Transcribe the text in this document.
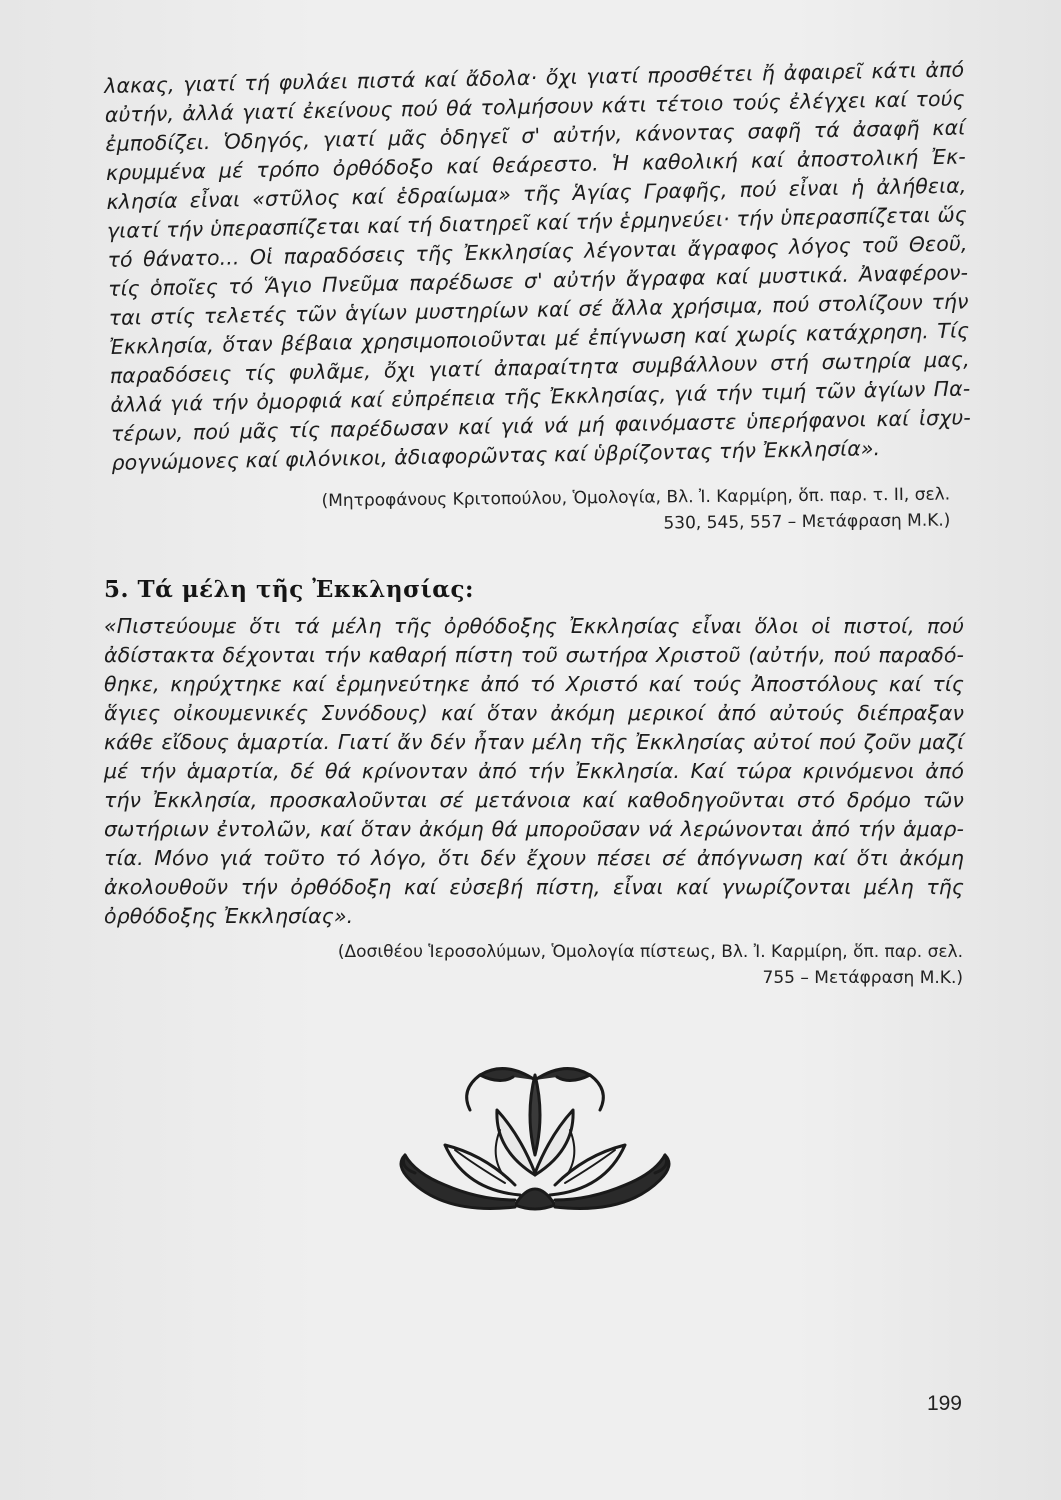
λακας, γιατί τή φυλάει πιστά καί ἄδολα· ὄχι γιατί προσθέτει ἤ ἀφαιρεῖ κάτι ἀπό
αὐτήν, ἀλλά γιατί ἐκείνους πού θά τολμήσουν κάτι τέτοιο τούς ἐλέγχει καί τούς
ἐμποδίζει. Ὁδηγός, γιατί μᾶς ὁδηγεῖ σ' αὐτήν, κάνοντας σαφῆ τά ἀσαφῆ καί
κρυμμένα μέ τρόπο ὀρθόδοξο καί θεάρεστο. Ἡ καθολική καί ἀποστολική Ἐκ-
κλησία εἶναι «στῦλος καί ἑδραίωμα» τῆς Ἁγίας Γραφῆς, πού εἶναι ἡ ἀλήθεια,
γιατί τήν ὑπερασπίζεται καί τή διατηρεῖ καί τήν ἑρμηνεύει· τήν ὑπερασπίζεται ὥς
τό θάνατο... Οἱ παραδόσεις τῆς Ἐκκλησίας λέγονται ἄγραφος λόγος τοῦ Θεοῦ,
τίς ὁποῖες τό Ἅγιο Πνεῦμα παρέδωσε σ' αὐτήν ἄγραφα καί μυστικά. Ἀναφέρον-
ται στίς τελετές τῶν ἁγίων μυστηρίων καί σέ ἄλλα χρήσιμα, πού στολίζουν τήν
Ἐκκλησία, ὅταν βέβαια χρησιμοποιοῦνται μέ ἐπίγνωση καί χωρίς κατάχρηση. Τίς
παραδόσεις τίς φυλᾶμε, ὄχι γιατί ἀπαραίτητα συμβάλλουν στή σωτηρία μας,
ἀλλά γιά τήν ὀμορφιά καί εὐπρέπεια τῆς Ἐκκλησίας, γιά τήν τιμή τῶν ἁγίων Πα-
τέρων, πού μᾶς τίς παρέδωσαν καί γιά νά μή φαινόμαστε ὑπερήφανοι καί ἰσχυ-
ρογνώμονες καί φιλόνικοι, ἀδιαφορῶντας καί ὑβρίζοντας τήν Ἐκκλησία».
(Μητροφάνους Κριτοπούλου, Ὁμολογία, Βλ. Ἰ. Καρμίρη, ὅπ. παρ. τ. ΙΙ, σελ.
530, 545, 557 – Μετάφραση Μ.Κ.)
5. Τά μέλη τῆς Ἐκκλησίας:
«Πιστεύουμε ὅτι τά μέλη τῆς ὀρθόδοξης Ἐκκλησίας εἶναι ὅλοι οἱ πιστοί, πού
ἀδίστακτα δέχονται τήν καθαρή πίστη τοῦ σωτήρα Χριστοῦ (αὐτήν, πού παραδό-
θηκε, κηρύχτηκε καί ἑρμηνεύτηκε ἀπό τό Χριστό καί τούς Ἀποστόλους καί τίς
ἅγιες οἰκουμενικές Συνόδους) καί ὅταν ἀκόμη μερικοί ἀπό αὐτούς διέπραξαν
κάθε εἴδους ἁμαρτία. Γιατί ἄν δέν ἦταν μέλη τῆς Ἐκκλησίας αὐτοί πού ζοῦν μαζί
μέ τήν ἁμαρτία, δέ θά κρίνονταν ἀπό τήν Ἐκκλησία. Καί τώρα κρινόμενοι ἀπό
τήν Ἐκκλησία, προσκαλοῦνται σέ μετάνοια καί καθοδηγοῦνται στό δρόμο τῶν
σωτήριων ἐντολῶν, καί ὅταν ἀκόμη θά μποροῦσαν νά λερώνονται ἀπό τήν ἁμαρ-
τία. Μόνο γιά τοῦτο τό λόγο, ὅτι δέν ἔχουν πέσει σέ ἀπόγνωση καί ὅτι ἀκόμη
ἀκολουθοῦν τήν ὀρθόδοξη καί εὐσεβή πίστη, εἶναι καί γνωρίζονται μέλη τῆς
ὀρθόδοξης Ἐκκλησίας».
(Δοσιθέου Ἱεροσολύμων, Ὁμολογία πίστεως, Βλ. Ἰ. Καρμίρη, ὅπ. παρ. σελ.
755 – Μετάφραση Μ.Κ.)
199
